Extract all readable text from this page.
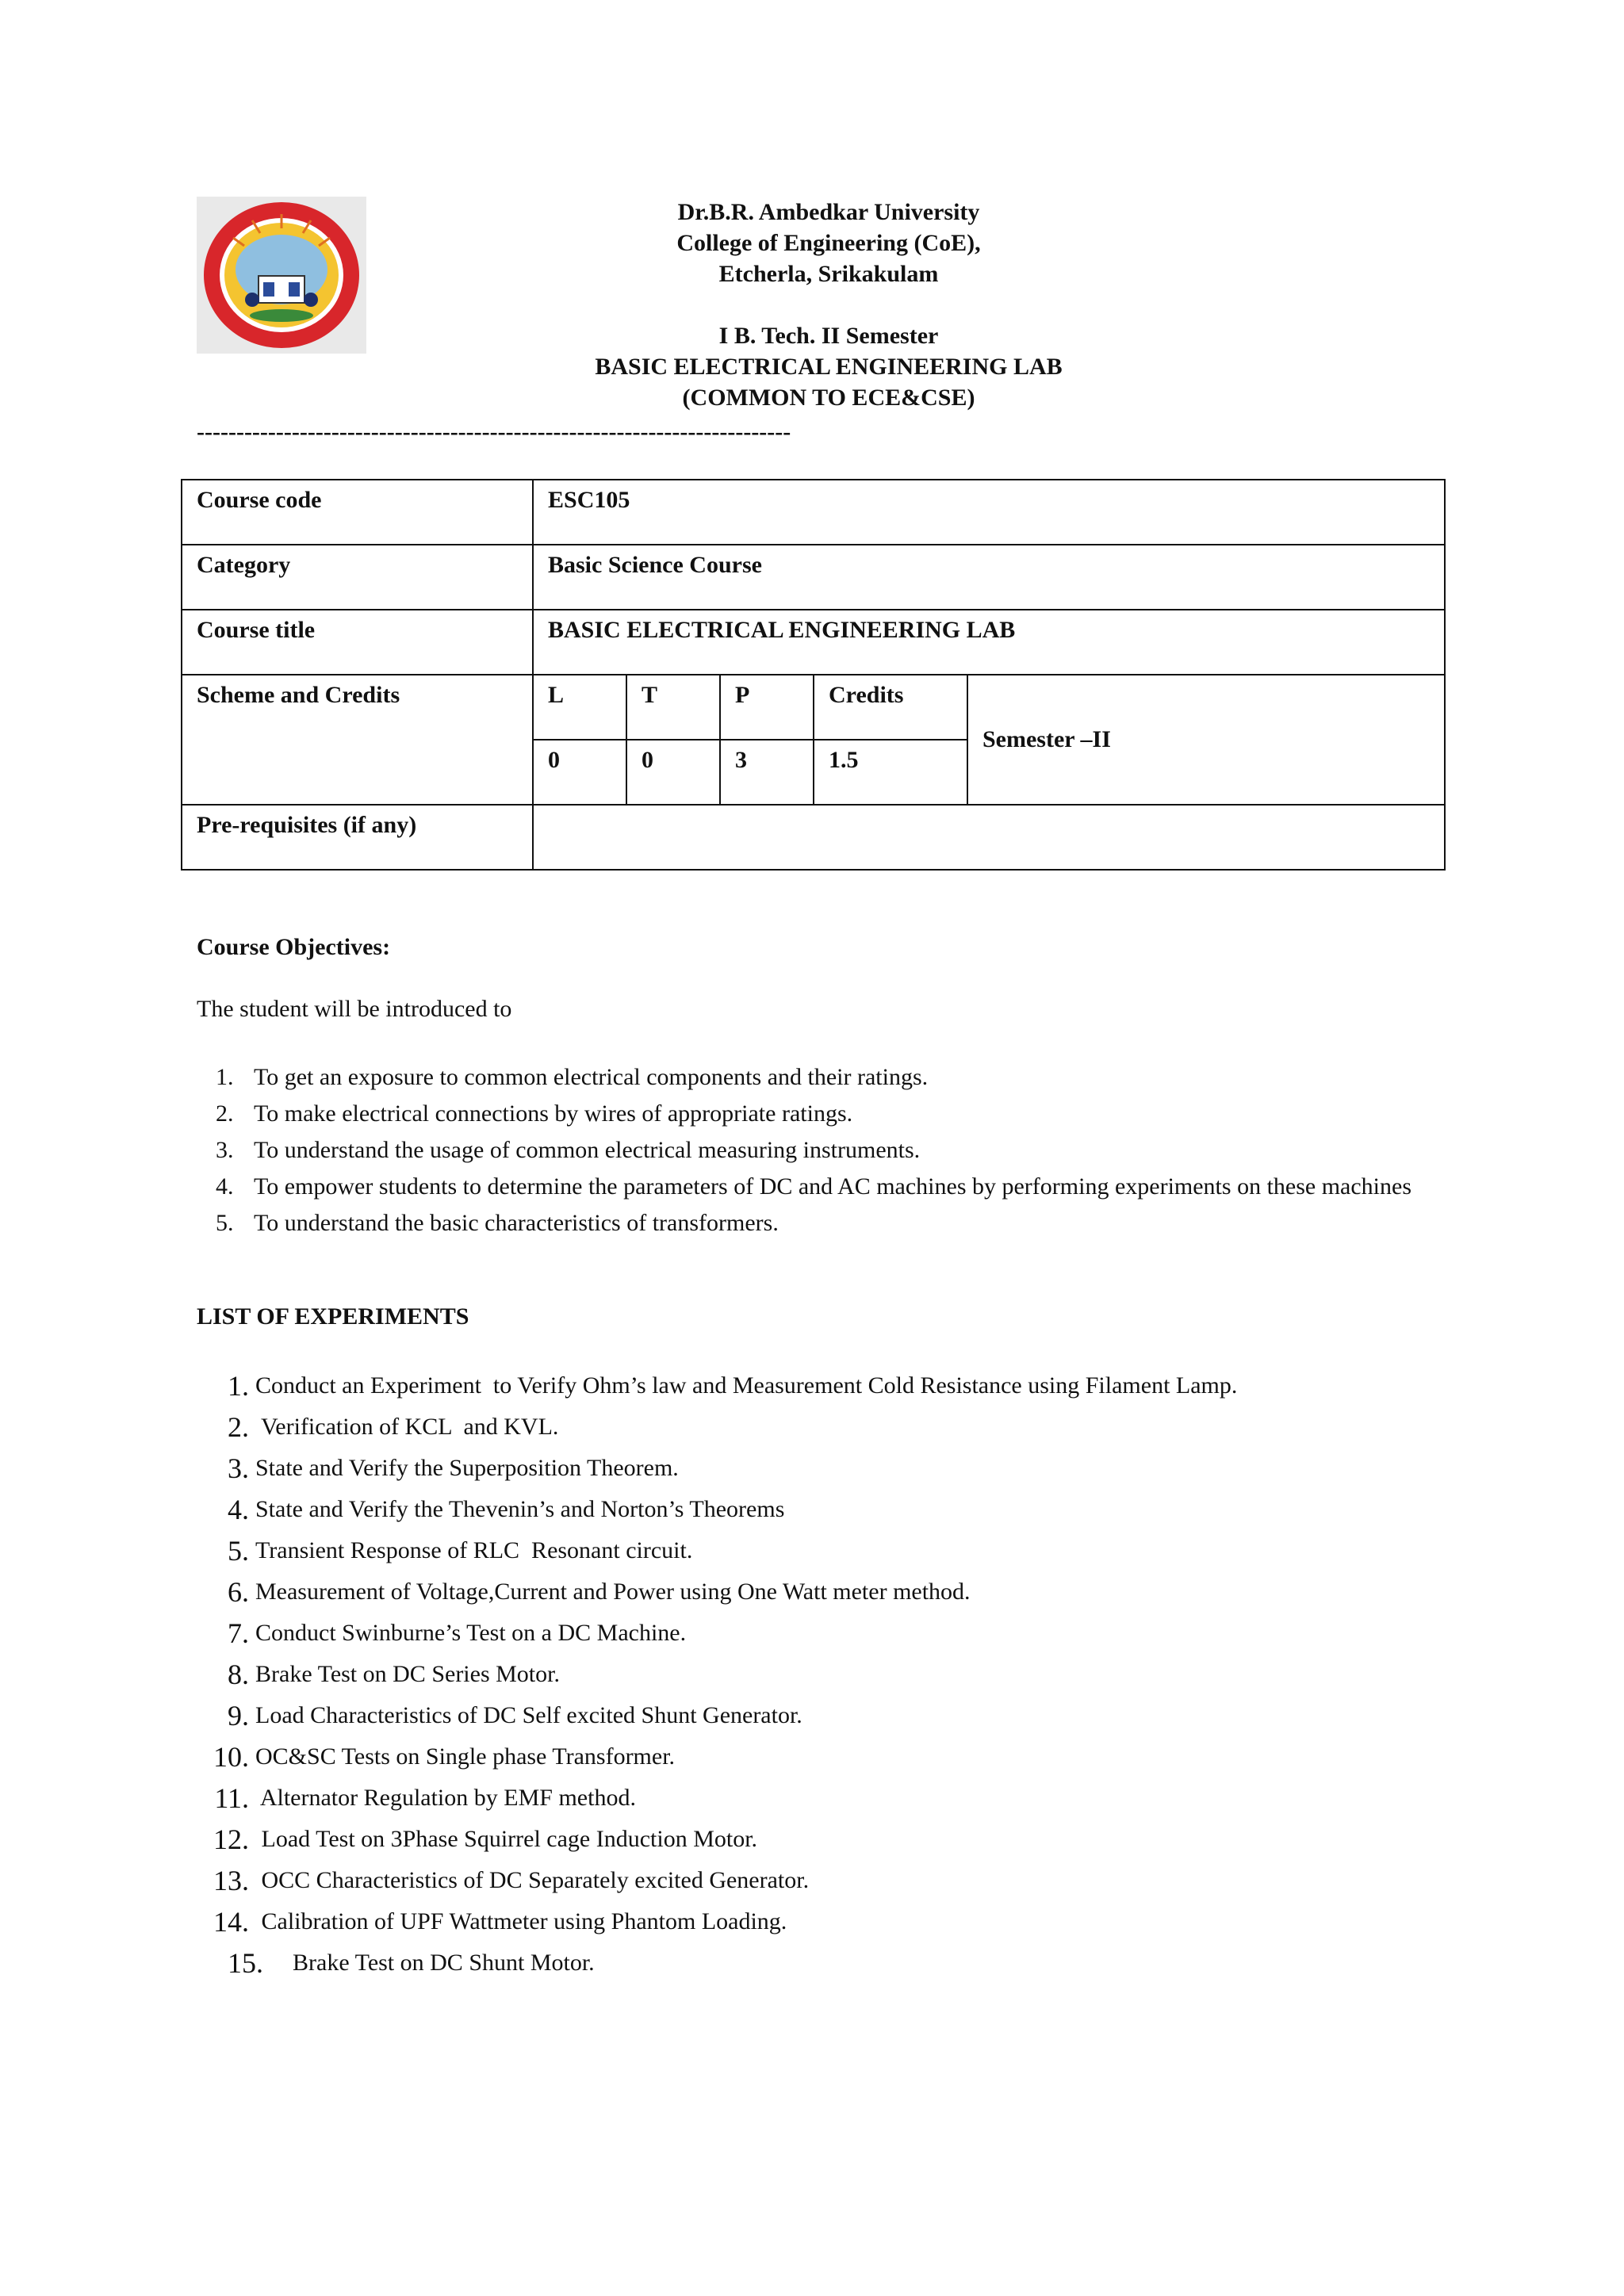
Dr.B.R. Ambedkar University
College of Engineering (CoE),
Etcherla, Srikakulam
I B. Tech. II Semester
BASIC ELECTRICAL ENGINEERING LAB
(COMMON TO ECE&CSE)
---------------------------------------------------------------------------
Course code	ESC105				
Category	Basic Science Course				
Course title	BASIC ELECTRICAL ENGINEERING LAB				
Scheme and Credits	L	T	P	Credits	Semester –II
	0	0	3	1.5	
Pre-requisites (if any)					
Course Objectives:
The student will be introduced to
1. To get an exposure to common electrical components and their ratings.
2. To make electrical connections by wires of appropriate ratings.
3. To understand the usage of common electrical measuring instruments.
4. To empower students to determine the parameters of DC and AC machines by performing experiments on these machines
5. To understand the basic characteristics of transformers.
LIST OF EXPERIMENTS
1. Conduct an Experiment  to Verify Ohm’s law and Measurement Cold Resistance using Filament Lamp.
2. Verification of KCL  and KVL.
3. State and Verify the Superposition Theorem.
4. State and Verify the Thevenin’s and Norton’s Theorems
5. Transient Response of RLC  Resonant circuit.
6. Measurement of Voltage,Current and Power using One Watt meter method.
7. Conduct Swinburne’s Test on a DC Machine.
8. Brake Test on DC Series Motor.
9. Load Characteristics of DC Self excited Shunt Generator.
10. OC&SC Tests on Single phase Transformer.
11. Alternator Regulation by EMF method.
12. Load Test on 3Phase Squirrel cage Induction Motor.
13. OCC Characteristics of DC Separately excited Generator.
14. Calibration of UPF Wattmeter using Phantom Loading.
15. Brake Test on DC Shunt Motor.
